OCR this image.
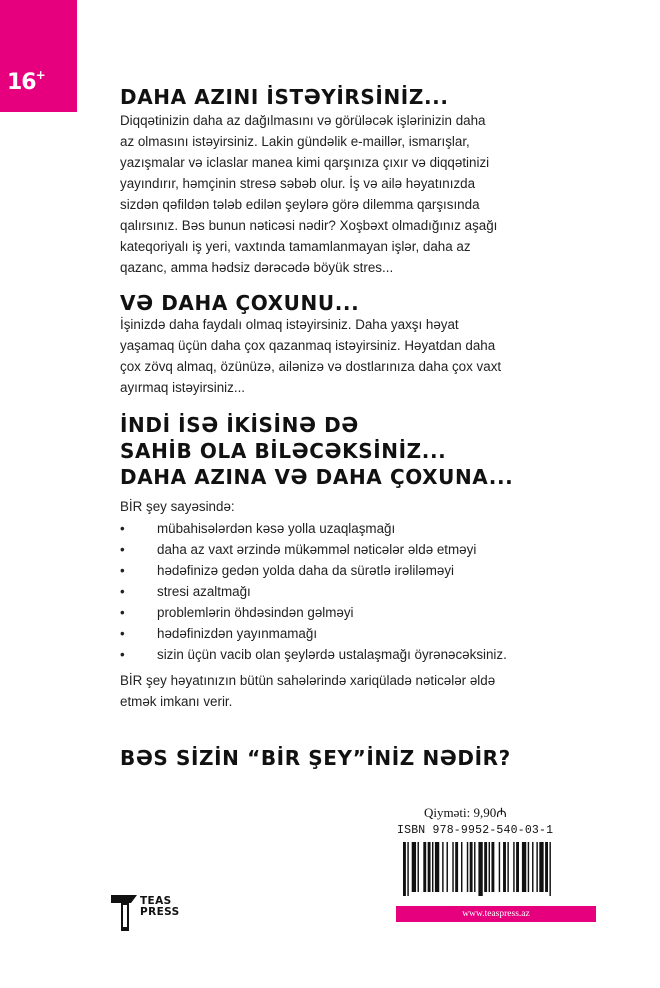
16+
DAHA AZINI İSTƏYİRSİNİZ...
Diqqətinizin daha az dağılmasını və görüləcək işlərinizin daha
az olmasını istəyirsiniz. Lakin gündəlik e-maillər, ismarışlar,
yazışmalar və iclaslar manea kimi qarşınıza çıxır və diqqətinizi
yayındırır, həmçinin stresə səbəb olur. İş və ailə həyatınızda
sizdən qəfildən tələb edilən şeylərə görə dilemma qarşısında
qalırsınız. Bəs bunun nəticəsi nədir? Xoşbəxt olmadığınız aşağı
kateqoriyalı iş yeri, vaxtında tamamlanmayan işlər, daha az
qazanc, amma hədsiz dərəcədə böyük stres...
VƏ DAHA ÇOXUNU...
İşinizdə daha faydalı olmaq istəyirsiniz. Daha yaxşı həyat
yaşamaq üçün daha çox qazanmaq istəyirsiniz. Həyatdan daha
çox zövq almaq, özünüzə, ailənizə və dostlarınıza daha çox vaxt
ayırmaq istəyirsiniz...
İNDİ İSƏ İKİSİNƏ DƏ
SAHİB OLA BİLƏCƏKSİNİZ...
DAHA AZINA VƏ DAHA ÇOXUNA...
BİR şey sayəsində:
• mübahisələrdən kəsə yolla uzaqlaşmağı
• daha az vaxt ərzində mükəmməl nəticələr əldə etməyi
• hədəfinizə gedən yolda daha da sürətlə irəliləməyi
• stresi azaltmağı
• problemlərin öhdəsindən gəlməyi
• hədəfinizdən yayınmamağı
• sizin üçün vacib olan şeylərdə ustalaşmağı öyrənəcəksiniz.
BİR şey həyatınızın bütün sahələrində xariqüladə nəticələr əldə
etmək imkanı verir.
BƏS SİZİN “BİR ŞEY”İNİZ NƏDİR?
Qiyməti: 9,90₼
ISBN 978-9952-540-03-1
TEAS
PRESS	www.teaspress.az
